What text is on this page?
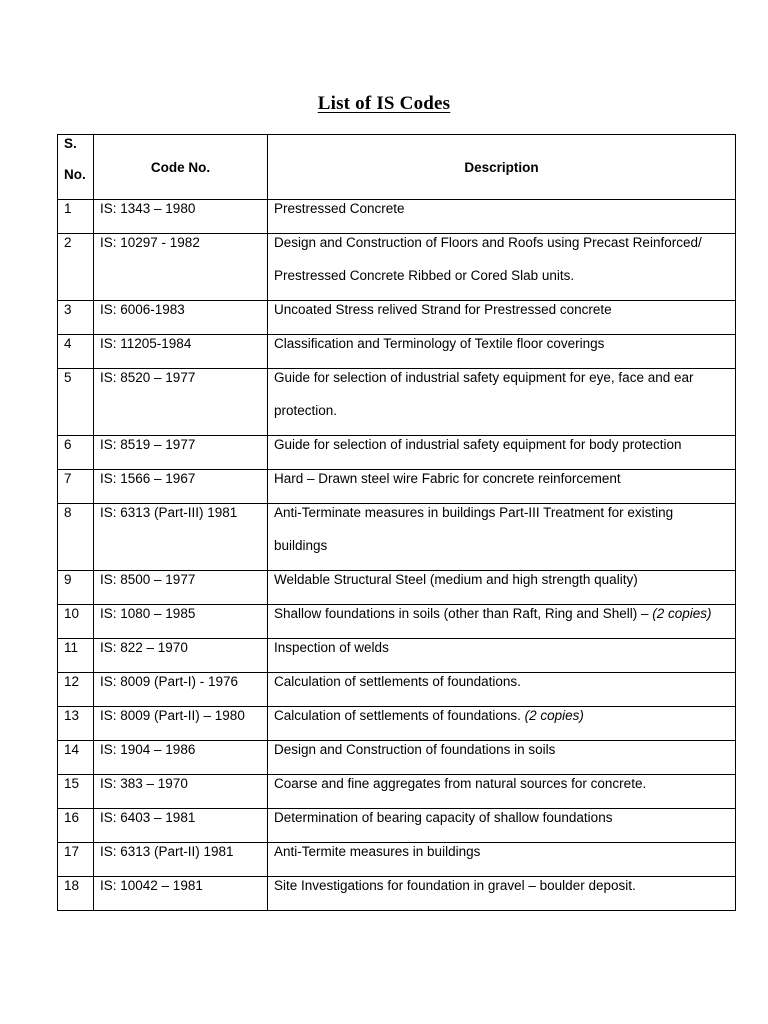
List of IS Codes
S.
No.	Code No.	Description

1	IS: 1343 – 1980	Prestressed Concrete

2	IS: 10297 - 1982	Design and Construction of Floors and Roofs using Precast Reinforced/
Prestressed Concrete Ribbed or Cored Slab units.

3	IS: 6006-1983	Uncoated Stress relived Strand for Prestressed concrete

4	IS: 11205-1984	Classification and Terminology of Textile floor coverings

5	IS: 8520 – 1977	Guide for selection of industrial safety equipment for eye, face and ear
protection.

6	IS: 8519 – 1977	Guide for selection of industrial safety equipment for body protection

7	IS: 1566 – 1967	Hard – Drawn steel wire Fabric for concrete reinforcement

8	IS: 6313 (Part-III) 1981	Anti-Terminate measures in buildings Part-III Treatment for existing
buildings

9	IS: 8500 – 1977	Weldable Structural Steel (medium and high strength quality)

10	IS: 1080 – 1985	Shallow foundations in soils (other than Raft, Ring and Shell) – (2 copies)

11	IS: 822 – 1970	Inspection of welds

12	IS: 8009 (Part-I) - 1976	Calculation of settlements of foundations.

13	IS: 8009 (Part-II) – 1980	Calculation of settlements of foundations. (2 copies)

14	IS: 1904 – 1986	Design and Construction of foundations in soils

15	IS: 383 – 1970	Coarse and fine aggregates from natural sources for concrete.

16	IS: 6403 – 1981	Determination of bearing capacity of shallow foundations

17	IS: 6313 (Part-II) 1981	Anti-Termite measures in buildings

18	IS: 10042 – 1981	Site Investigations for foundation in gravel – boulder deposit.
